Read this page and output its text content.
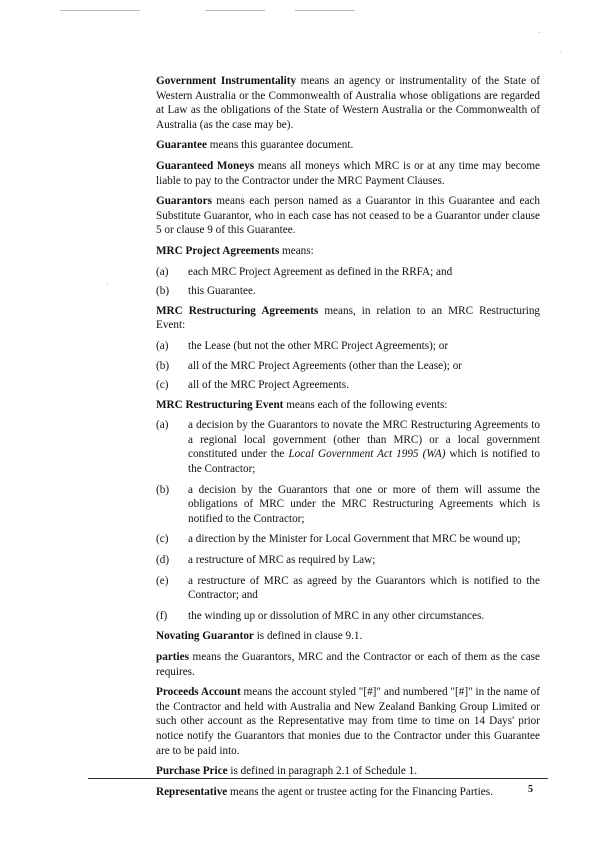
·
·
·

Government Instrumentality means an agency or instrumentality of the State of Western Australia or the Commonwealth of Australia whose obligations are regarded at Law as the obligations of the State of Western Australia or the Commonwealth of Australia (as the case may be).

Guarantee means this guarantee document.

Guaranteed Moneys means all moneys which MRC is or at any time may become liable to pay to the Contractor under the MRC Payment Clauses.

Guarantors means each person named as a Guarantor in this Guarantee and each Substitute Guarantor, who in each case has not ceased to be a Guarantor under clause 5 or clause 9 of this Guarantee.

MRC Project Agreements means:

(a)	each MRC Project Agreement as defined in the RRFA; and
(b)	this Guarantee.

MRC Restructuring Agreements means, in relation to an MRC Restructuring Event:

(a)	the Lease (but not the other MRC Project Agreements); or
(b)	all of the MRC Project Agreements (other than the Lease); or
(c)	all of the MRC Project Agreements.

MRC Restructuring Event means each of the following events:

(a)	a decision by the Guarantors to novate the MRC Restructuring Agreements to a regional local government (other than MRC) or a local government constituted under the Local Government Act 1995 (WA) which is notified to the Contractor;
(b)	a decision by the Guarantors that one or more of them will assume the obligations of MRC under the MRC Restructuring Agreements which is notified to the Contractor;
(c)	a direction by the Minister for Local Government that MRC be wound up;
(d)	a restructure of MRC as required by Law;
(e)	a restructure of MRC as agreed by the Guarantors which is notified to the Contractor; and
(f)	the winding up or dissolution of MRC in any other circumstances.

Novating Guarantor is defined in clause 9.1.

parties means the Guarantors, MRC and the Contractor or each of them as the case requires.

Proceeds Account means the account styled "[#]" and numbered "[#]" in the name of the Contractor and held with Australia and New Zealand Banking Group Limited or such other account as the Representative may from time to time on 14 Days' prior notice notify the Guarantors that monies due to the Contractor under this Guarantee are to be paid into.

Purchase Price is defined in paragraph 2.1 of Schedule 1.

Representative means the agent or trustee acting for the Financing Parties.	5
